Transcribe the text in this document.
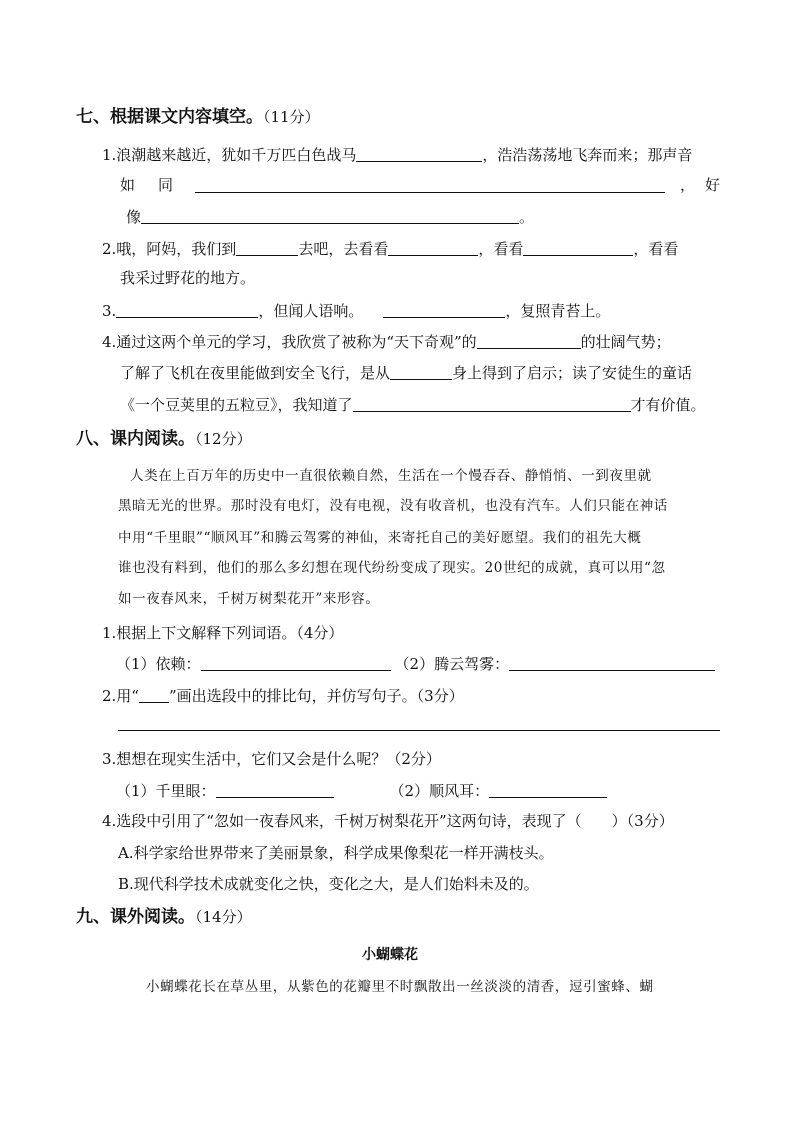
七、根据课文内容填空。（11分）
1.浪潮越来越近，犹如千万匹白色战马	，浩浩荡荡地飞奔而来；那声音
如 同	， 好
像	。
2.哦，阿妈，我们到	去吧，去看看	，看看	，看看
我采过野花的地方。
3.	，但闻人语响。	，复照青苔上。
4.通过这两个单元的学习，我欣赏了被称为“天下奇观”的	的壮阔气势；
了解了飞机在夜里能做到安全飞行，是从	身上得到了启示；读了安徒生的童话
《一个豆荚里的五粒豆》，我知道了	才有价值。
八、课内阅读。（12分）
人类在上百万年的历史中一直很依赖自然，生活在一个慢吞吞、静悄悄、一到夜里就
黑暗无光的世界。那时没有电灯，没有电视，没有收音机，也没有汽车。人们只能在神话
中用“千里眼”“顺风耳”和腾云驾雾的神仙，来寄托自己的美好愿望。我们的祖先大概
谁也没有料到，他们的那么多幻想在现代纷纷变成了现实。20世纪的成就，真可以用“忽
如一夜春风来，千树万树梨花开”来形容。
1.根据上下文解释下列词语。（4分）
（1）依赖：	（2）腾云驾雾：
2.用“ ”画出选段中的排比句，并仿写句子。（3分）
3.想想在现实生活中，它们又会是什么呢？（2分）
（1）千里眼：	（2）顺风耳：
4.选段中引用了“忽如一夜春风来，千树万树梨花开”这两句诗，表现了（　　）（3分）
A.科学家给世界带来了美丽景象，科学成果像梨花一样开满枝头。
B.现代科学技术成就变化之快，变化之大，是人们始料未及的。
九、课外阅读。（14分）
小蝴蝶花
小蝴蝶花长在草丛里，从紫色的花瓣里不时飘散出一丝淡淡的清香，逗引蜜蜂、蝴
